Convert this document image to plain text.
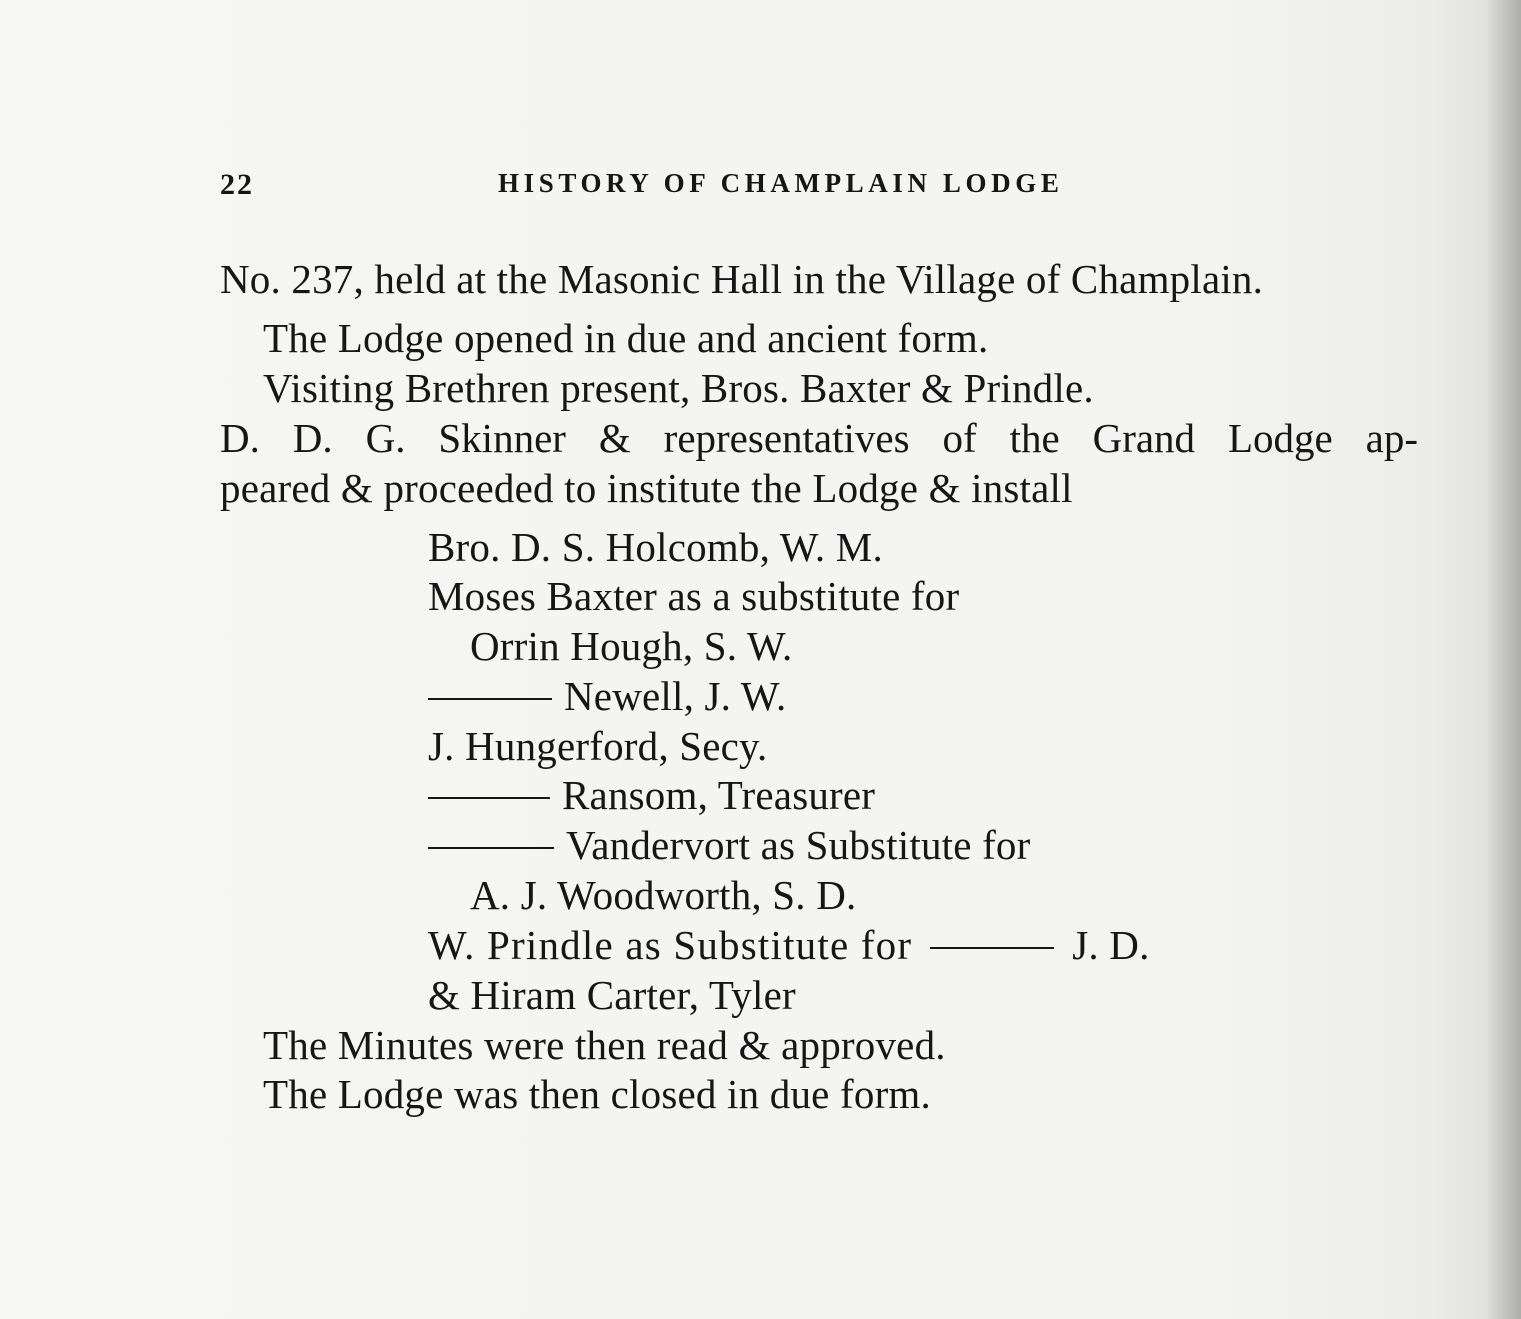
22	HISTORY OF CHAMPLAIN LODGE
No. 237, held at the Masonic Hall in the Village of Champlain.
The Lodge opened in due and ancient form.
Visiting Brethren present, Bros. Baxter & Prindle.
D. D. G. Skinner & representatives of the Grand Lodge ap-
peared & proceeded to institute the Lodge & install
Bro. D. S. Holcomb, W. M.
Moses Baxter as a substitute for
Orrin Hough, S. W.
Newell, J. W.
J. Hungerford, Secy.
Ransom, Treasurer
Vandervort as Substitute for
A. J. Woodworth, S. D.
W. Prindle as Substitute for	J. D.
& Hiram Carter, Tyler
The Minutes were then read & approved.
The Lodge was then closed in due form.
